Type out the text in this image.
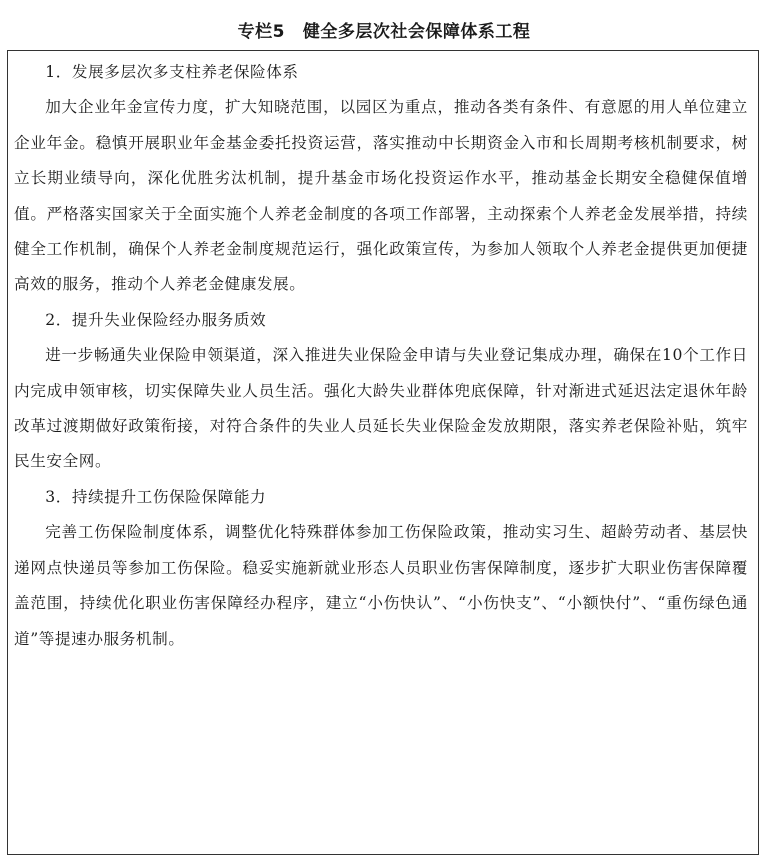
专栏5 健全多层次社会保障体系工程

1．发展多层次多支柱养老保险体系

加大企业年金宣传力度，扩大知晓范围，以园区为重点，推动各类有条件、有意愿的用人单位建立企业年金。稳慎开展职业年金基金委托投资运营，落实推动中长期资金入市和长周期考核机制要求，树立长期业绩导向，深化优胜劣汰机制，提升基金市场化投资运作水平，推动基金长期安全稳健保值增值。严格落实国家关于全面实施个人养老金制度的各项工作部署，主动探索个人养老金发展举措，持续健全工作机制，确保个人养老金制度规范运行，强化政策宣传，为参加人领取个人养老金提供更加便捷高效的服务，推动个人养老金健康发展。

2．提升失业保险经办服务质效

进一步畅通失业保险申领渠道，深入推进失业保险金申请与失业登记集成办理，确保在10个工作日内完成申领审核，切实保障失业人员生活。强化大龄失业群体兜底保障，针对渐进式延迟法定退休年龄改革过渡期做好政策衔接，对符合条件的失业人员延长失业保险金发放期限，落实养老保险补贴，筑牢民生安全网。

3．持续提升工伤保险保障能力

完善工伤保险制度体系，调整优化特殊群体参加工伤保险政策，推动实习生、超龄劳动者、基层快递网点快递员等参加工伤保险。稳妥实施新就业形态人员职业伤害保障制度，逐步扩大职业伤害保障覆盖范围，持续优化职业伤害保障经办程序，建立“小伤快认”、“小伤快支”、“小额快付”、“重伤绿色通道”等提速办服务机制。
